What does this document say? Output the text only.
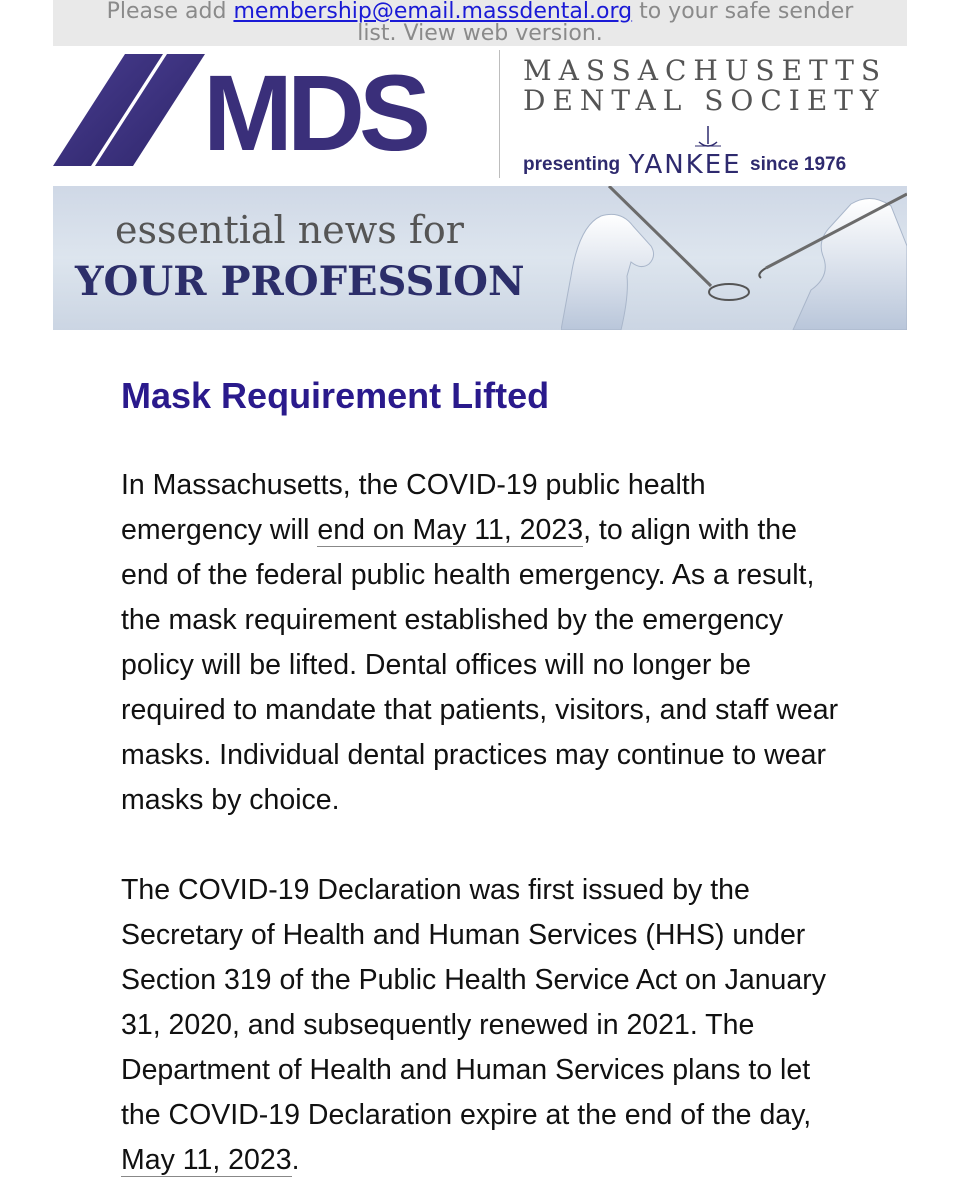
Please add membership@email.massdental.org to your safe sender
list. View web version.
MDS	MASSACHUSETTS
DENTAL SOCIETY
presenting YANKEE since 1976
essential news for
YOUR PROFESSION
Mask Requirement Lifted

In Massachusetts, the COVID-19 public health emergency will end on May 11, 2023, to align with the end of the federal public health emergency. As a result, the mask requirement established by the emergency policy will be lifted. Dental offices will no longer be required to mandate that patients, visitors, and staff wear masks. Individual dental practices may continue to wear masks by choice.

The COVID-19 Declaration was first issued by the Secretary of Health and Human Services (HHS) under Section 319 of the Public Health Service Act on January 31, 2020, and subsequently renewed in 2021. The Department of Health and Human Services plans to let the COVID-19 Declaration expire at the end of the day, May 11, 2023.
